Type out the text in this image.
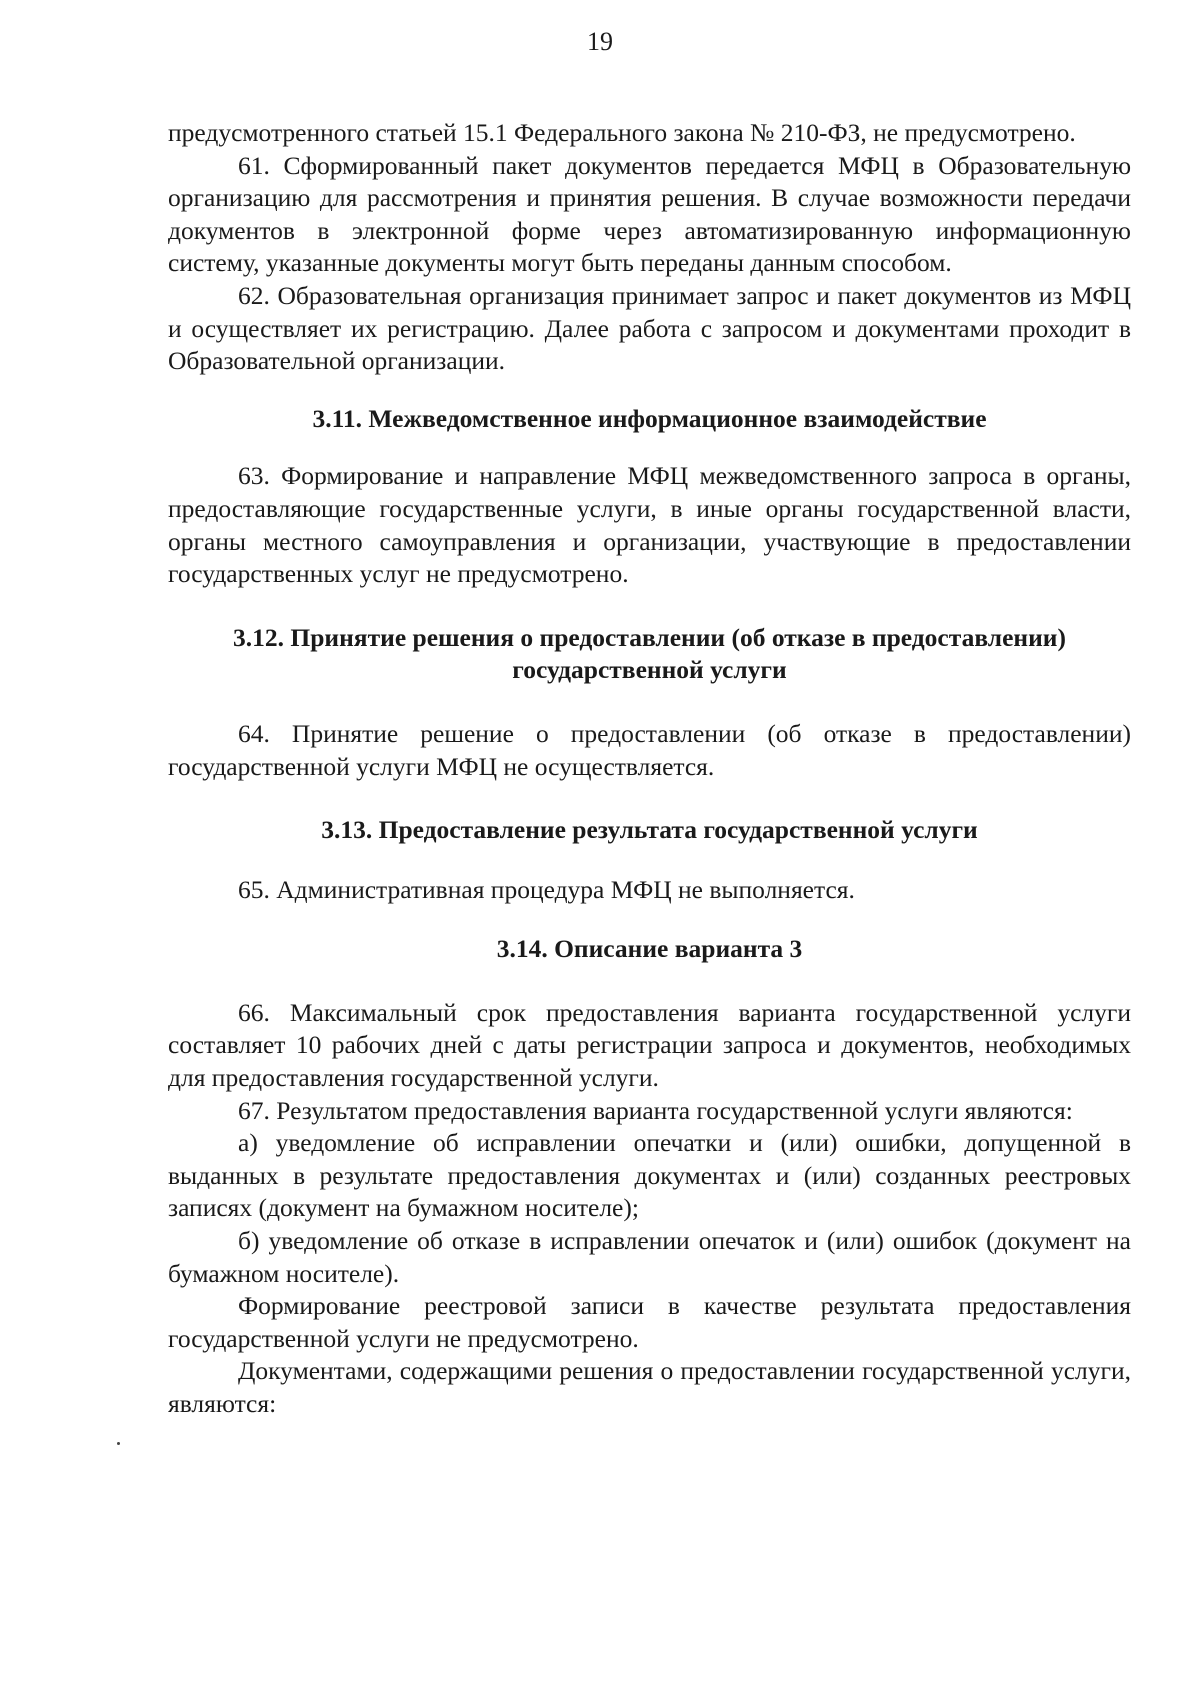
19

предусмотренного статьей 15.1 Федерального закона № 210-ФЗ, не предусмотрено.

61. Сформированный пакет документов передается МФЦ в Образовательную организацию для рассмотрения и принятия решения. В случае возможности передачи документов в электронной форме через автоматизированную информационную систему, указанные документы могут быть переданы данным способом.

62. Образовательная организация принимает запрос и пакет документов из МФЦ и осуществляет их регистрацию. Далее работа с запросом и документами проходит в Образовательной организации.

3.11. Межведомственное информационное взаимодействие

63. Формирование и направление МФЦ межведомственного запроса в органы, предоставляющие государственные услуги, в иные органы государственной власти, органы местного самоуправления и организации, участвующие в предоставлении государственных услуг не предусмотрено.

3.12. Принятие решения о предоставлении (об отказе в предоставлении)
государственной услуги

64. Принятие решение о предоставлении (об отказе в предоставлении) государственной услуги МФЦ не осуществляется.

3.13. Предоставление результата государственной услуги

65. Административная процедура МФЦ не выполняется.

3.14. Описание варианта 3

66. Максимальный срок предоставления варианта государственной услуги составляет 10 рабочих дней с даты регистрации запроса и документов, необходимых для предоставления государственной услуги.

67. Результатом предоставления варианта государственной услуги являются:

а) уведомление об исправлении опечатки и (или) ошибки, допущенной в выданных в результате предоставления документах и (или) созданных реестровых записях (документ на бумажном носителе);

б) уведомление об отказе в исправлении опечаток и (или) ошибок (документ на бумажном носителе).

Формирование реестровой записи в качестве результата предоставления государственной услуги не предусмотрено.

Документами, содержащими решения о предоставлении государственной услуги, являются:
